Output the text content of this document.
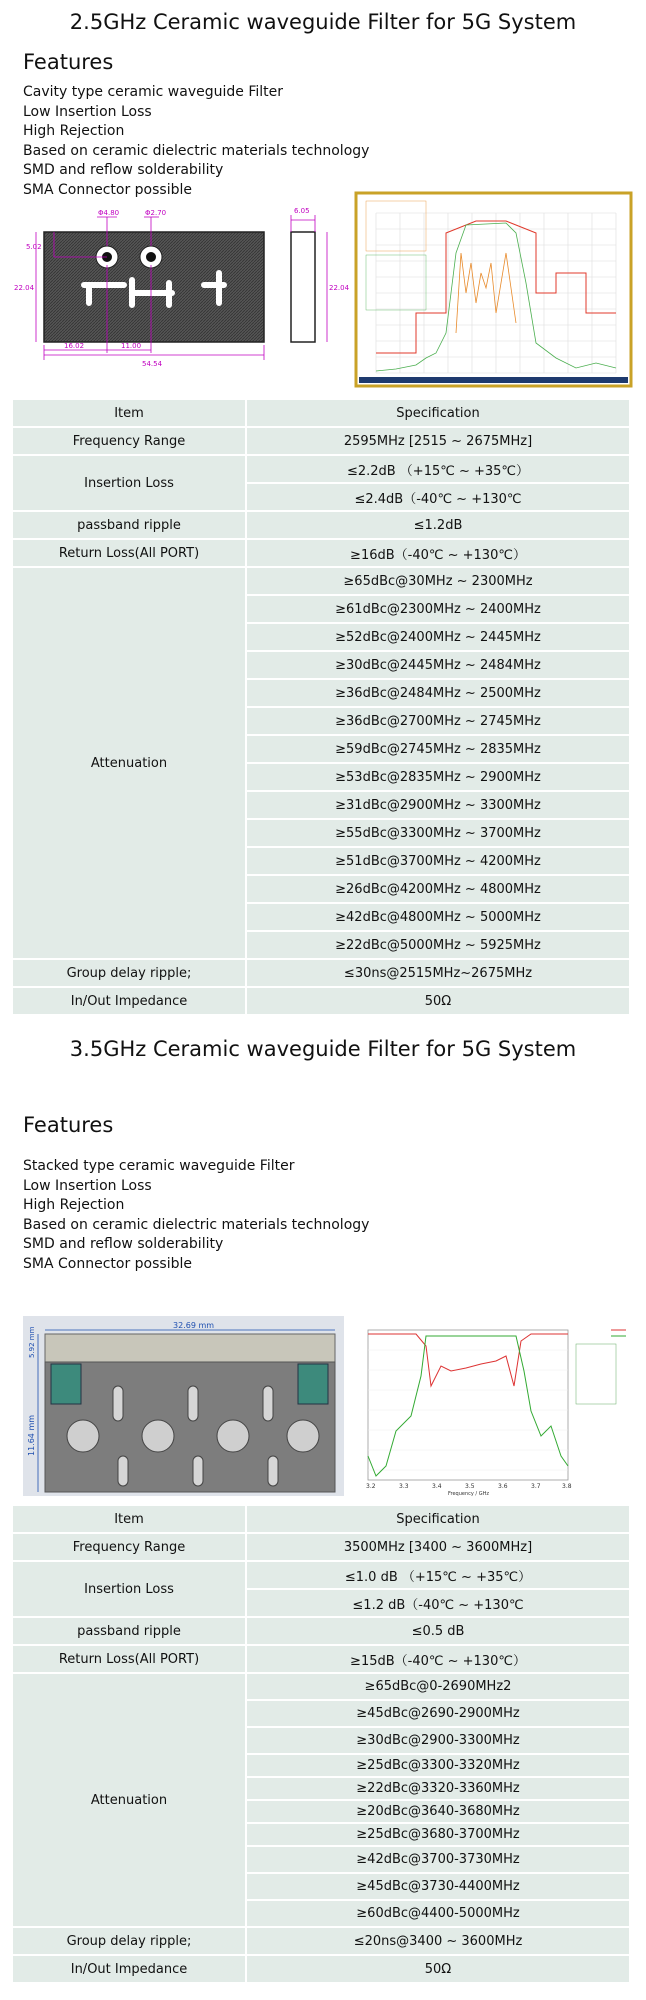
2.5GHz Ceramic waveguide Filter for 5G System
Features
Cavity type ceramic waveguide Filter
Low Insertion Loss
High Rejection
Based on ceramic dielectric materials technology
SMD and reflow solderability
SMA Connector possible
Φ4.80	Φ2.70
5.02
22.04
16.02	11.00
54.54
6.05
22.04
Item	Specification
Frequency Range	2595MHz [2515 ~ 2675MHz]
Insertion Loss	≤2.2dB （+15℃ ~ +35℃）
	≤2.4dB（-40℃ ~ +130℃
passband ripple	≤1.2dB
Return Loss(All PORT)	≥16dB（-40℃ ~ +130℃）
Attenuation	≥65dBc@30MHz ~ 2300MHz
	≥61dBc@2300MHz ~ 2400MHz
	≥52dBc@2400MHz ~ 2445MHz
	≥30dBc@2445MHz ~ 2484MHz
	≥36dBc@2484MHz ~ 2500MHz
	≥36dBc@2700MHz ~ 2745MHz
	≥59dBc@2745MHz ~ 2835MHz
	≥53dBc@2835MHz ~ 2900MHz
	≥31dBc@2900MHz ~ 3300MHz
	≥55dBc@3300MHz ~ 3700MHz
	≥51dBc@3700MHz ~ 4200MHz
	≥26dBc@4200MHz ~ 4800MHz
	≥42dBc@4800MHz ~ 5000MHz
	≥22dBc@5000MHz ~ 5925MHz
Group delay ripple;	≤30ns@2515MHz~2675MHz
In/Out Impedance	50Ω
3.5GHz Ceramic waveguide Filter for 5G System
Features
Stacked type ceramic waveguide Filter
Low Insertion Loss
High Rejection
Based on ceramic dielectric materials technology
SMD and reflow solderability
SMA Connector possible
32.69 mm
5.92 mm
11.64 mm
3.2	3.3	3.4	3.5	3.6	3.7	3.8
Frequency / GHz
Item	Specification
Frequency Range	3500MHz [3400 ~ 3600MHz]
Insertion Loss	≤1.0 dB （+15℃ ~ +35℃）
	≤1.2 dB（-40℃ ~ +130℃
passband ripple	≤0.5 dB
Return Loss(All PORT)	≥15dB（-40℃ ~ +130℃）
Attenuation	≥65dBc@0-2690MHz2
	≥45dBc@2690-2900MHz
	≥30dBc@2900-3300MHz
	≥25dBc@3300-3320MHz
	≥22dBc@3320-3360MHz
	≥20dBc@3640-3680MHz
	≥25dBc@3680-3700MHz
	≥42dBc@3700-3730MHz
	≥45dBc@3730-4400MHz
	≥60dBc@4400-5000MHz
Group delay ripple;	≤20ns@3400 ~ 3600MHz
In/Out Impedance	50Ω
